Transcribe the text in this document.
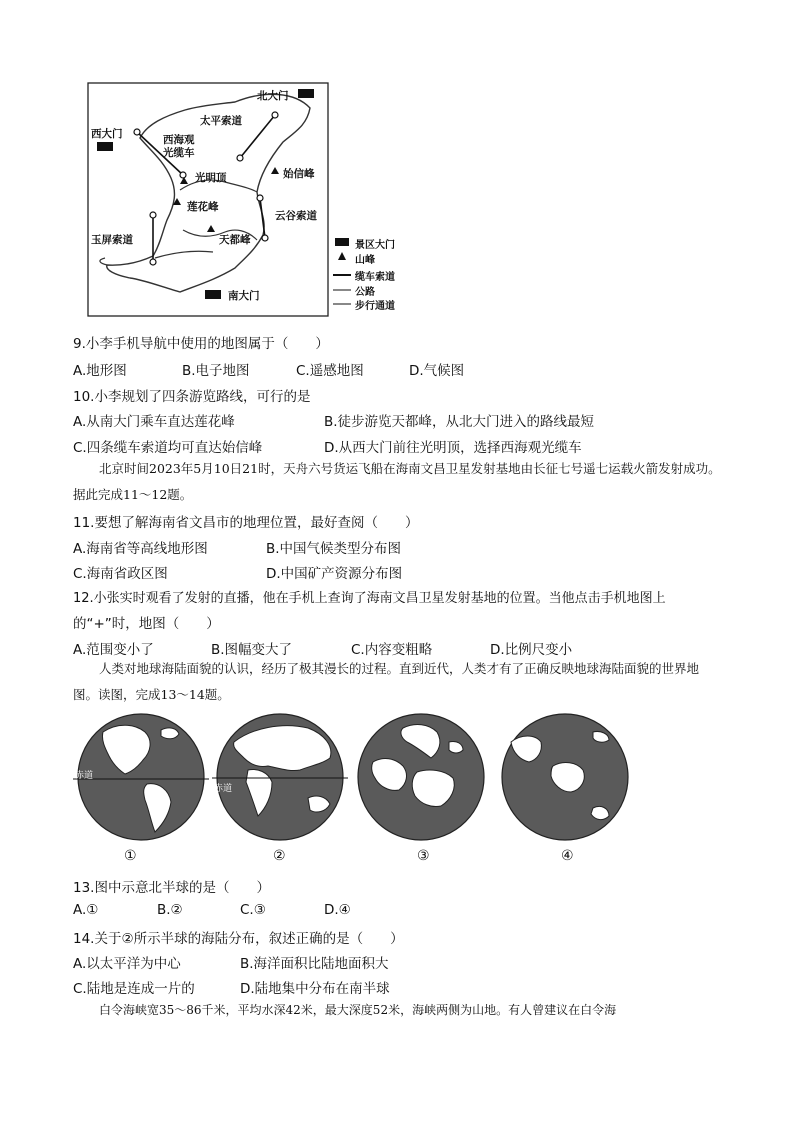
北大门
太平索道
西大门	西海观光缆车
光明顶	始信峰
莲花峰
云谷索道
玉屏索道	天都峰
南大门
景区大门
山峰
缆车索道
公路
步行通道
9.小李手机导航中使用的地图属于（　　）
A.地形图	B.电子地图	C.遥感地图	D.气候图
10.小李规划了四条游览路线，可行的是
A.从南大门乘车直达莲花峰	B.徒步游览天都峰，从北大门进入的路线最短
C.四条缆车索道均可直达始信峰	D.从西大门前往光明顶，选择西海观光缆车
北京时间2023年5月10日21时，天舟六号货运飞船在海南文昌卫星发射基地由长征七号遥七运载火箭发射成功。据此完成11～12题。
11.要想了解海南省文昌市的地理位置，最好查阅（　　）
A.海南省等高线地形图	B.中国气候类型分布图
C.海南省政区图	D.中国矿产资源分布图
12.小张实时观看了发射的直播，他在手机上查询了海南文昌卫星发射基地的位置。当他点击手机地图上
的“+”时，地图（　　）
A.范围变小了	B.图幅变大了	C.内容变粗略	D.比例尺变小
人类对地球海陆面貌的认识，经历了极其漫长的过程。直到近代，人类才有了正确反映地球海陆面貌的世界地图。读图，完成13～14题。
赤道
赤道
①	②	③	④
13.图中示意北半球的是（　　）
A.①	B.②	C.③	D.④
14.关于②所示半球的海陆分布，叙述正确的是（　　）
A.以太平洋为中心	B.海洋面积比陆地面积大
C.陆地是连成一片的	D.陆地集中分布在南半球
白令海峡宽35～86千米，平均水深42米，最大深度52米，海峡两侧为山地。有人曾建议在白令海
